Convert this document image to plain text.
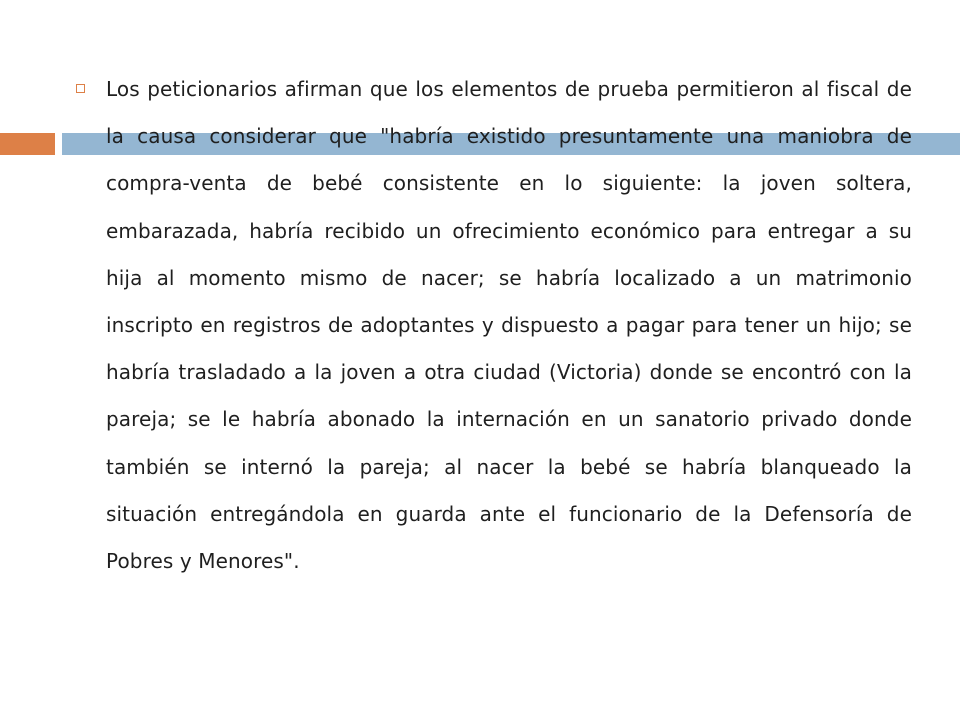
Los peticionarios afirman que los elementos de prueba permitieron al fiscal de la causa considerar que "habría existido presuntamente una maniobra de compra-venta de bebé consistente en lo siguiente: la joven soltera, embarazada, habría recibido un ofrecimiento económico para entregar a su hija al momento mismo de nacer; se habría localizado a un matrimonio inscripto en registros de adoptantes y dispuesto a pagar para tener un hijo; se habría trasladado a la joven a otra ciudad (Victoria) donde se encontró con la pareja; se le habría abonado la internación en un sanatorio privado donde también se internó la pareja; al nacer la bebé se habría blanqueado la situación entregándola en guarda ante el funcionario de la Defensoría de Pobres y Menores".
